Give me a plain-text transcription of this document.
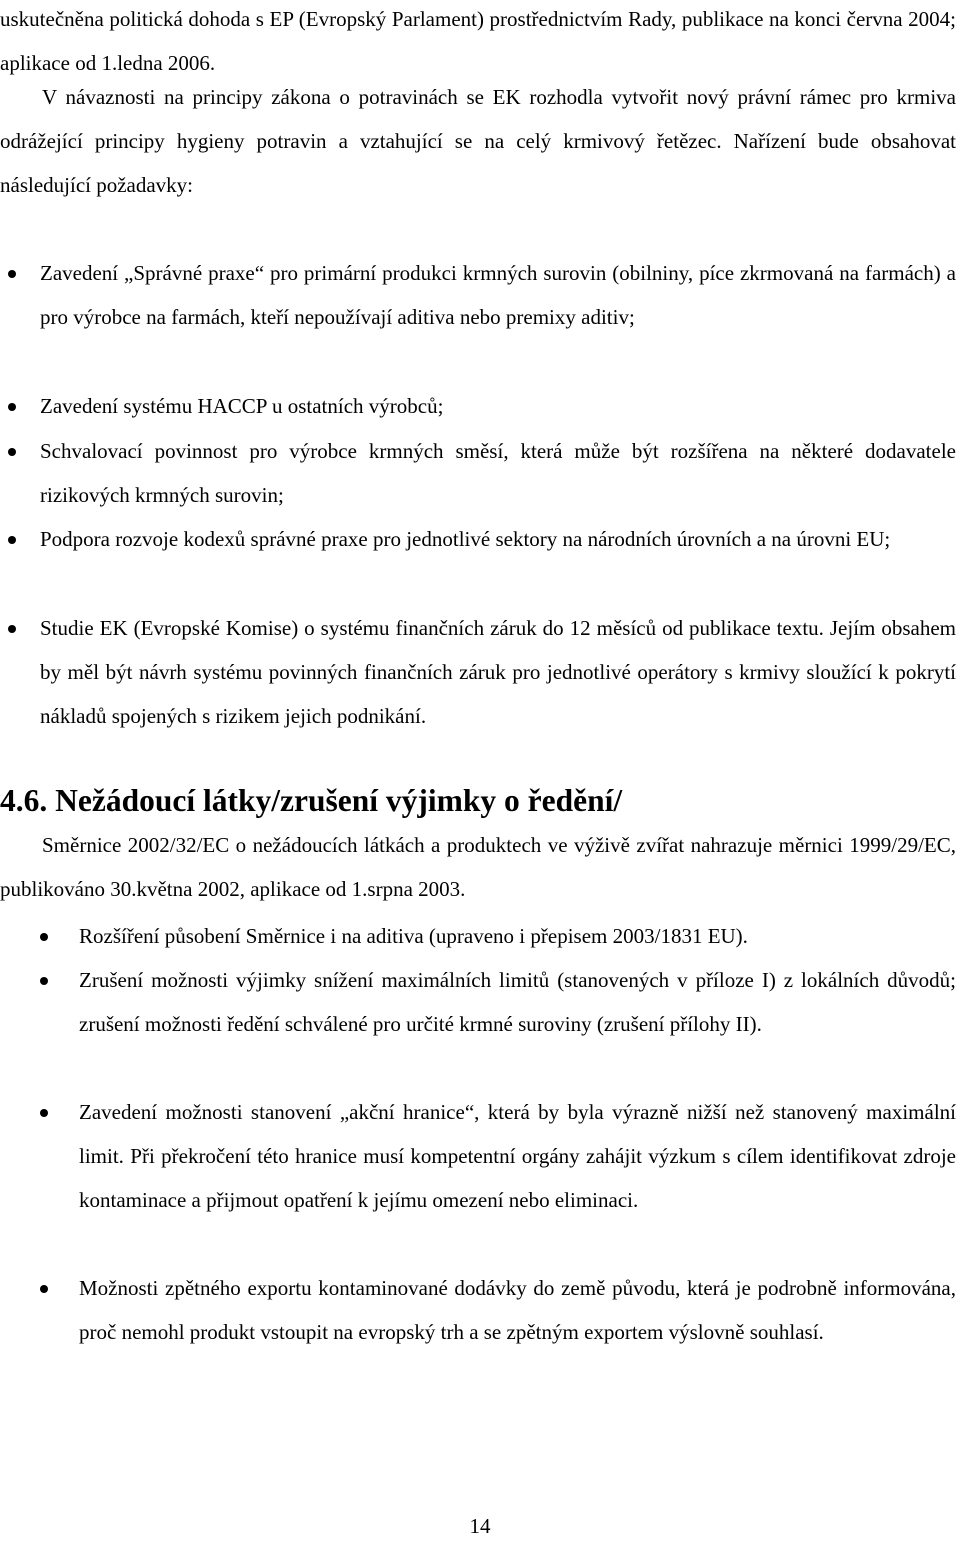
uskutečněna politická dohoda s EP (Evropský Parlament) prostřednictvím Rady, publikace na konci června 2004; aplikace od 1.ledna 2006.

V návaznosti na principy zákona o potravinách se EK rozhodla vytvořit nový právní rámec pro krmiva odrážející principy hygieny potravin a vztahující se na celý krmivový řetězec. Nařízení bude obsahovat následující požadavky:

Zavedení „Správné praxe“ pro primární produkci krmných surovin (obilniny, píce zkrmovaná na farmách) a pro výrobce na farmách, kteří nepoužívají aditiva nebo premixy aditiv;

Zavedení systému HACCP u ostatních výrobců;

Schvalovací povinnost pro výrobce krmných směsí, která může být rozšířena na některé dodavatele rizikových krmných surovin;

Podpora rozvoje kodexů správné praxe pro jednotlivé sektory na národních úrovních a na úrovni EU;

Studie EK (Evropské Komise) o systému finančních záruk do 12 měsíců od publikace textu. Jejím obsahem by měl být návrh systému povinných finančních záruk pro jednotlivé operátory s krmivy sloužící k pokrytí nákladů spojených s rizikem jejich podnikání.

4.6. Nežádoucí látky/zrušení výjimky o ředění/

Směrnice 2002/32/EC o nežádoucích látkách a produktech ve výživě zvířat nahrazuje měrnici 1999/29/EC, publikováno 30.května 2002, aplikace od 1.srpna 2003.

Rozšíření působení Směrnice i na aditiva (upraveno i přepisem 2003/1831 EU).

Zrušení možnosti výjimky snížení maximálních limitů (stanovených v příloze I) z lokálních důvodů; zrušení možnosti ředění schválené pro určité krmné suroviny (zrušení přílohy II).

Zavedení možnosti stanovení „akční hranice“, která by byla výrazně nižší než stanovený maximální limit. Při překročení této hranice musí kompetentní orgány zahájit výzkum s cílem identifikovat zdroje kontaminace a přijmout opatření k jejímu omezení nebo eliminaci.

Možnosti zpětného exportu kontaminované dodávky do země původu, která je podrobně informována, proč nemohl produkt vstoupit na evropský trh a se zpětným exportem výslovně souhlasí.

14
